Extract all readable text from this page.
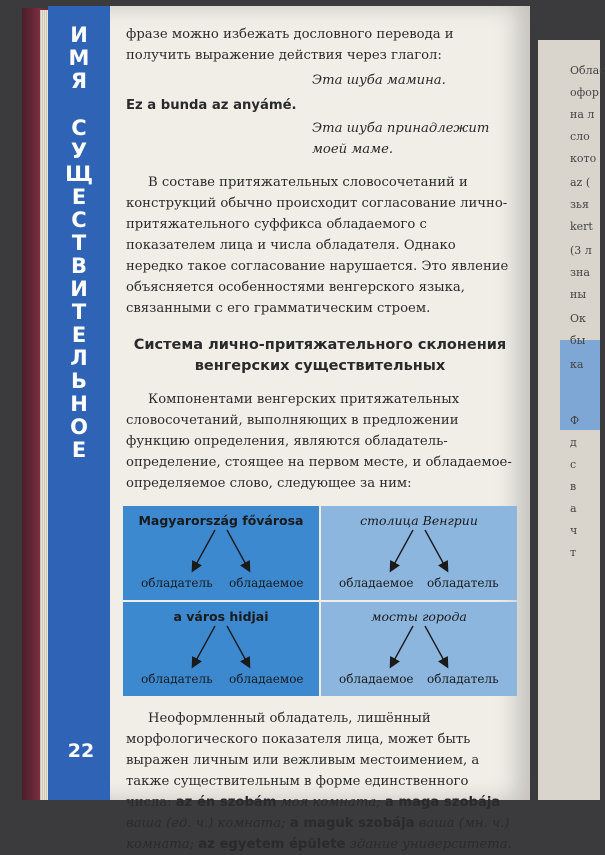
И
М
Я
С
У
Щ
Е
С
Т
В
И
Т
Е
Л
Ь
Н
О
Е
22

фразе можно избежать дословного перевода и получить выражение действия через глагол:

Эта шуба мамина.
Ez a bunda az anyámé.
Эта шуба принадлежит
моей маме.

В составе притяжательных словосочетаний и конструкций обычно происходит согласование лично-притяжательного суффикса обладаемого с показателем лица и числа обладателя. Однако нередко такое согласование нарушается. Это явление объясняется особенностями венгерского языка, связанными с его грамматическим строем.

Система лично-притяжательного склонения венгерских существительных

Компонентами венгерских притяжательных словосочетаний, выполняющих в предложении функцию определения, являются обладатель-определение, стоящее на первом месте, и обладаемое-определяемое слово, следующее за ним:

Magyarország fővárosa
обладатель обладаемое
столица Венгрии
обладаемое обладатель
a város hidjai
обладатель обладаемое
мосты города
обладаемое обладатель

Неоформленный обладатель, лишённый морфологического показателя лица, может быть выражен личным или вежливым местоимением, а также существительным в форме единственного числа: az én szobám моя комната; a maga szobája ваша (ед. ч.) комната; a maguk szobája ваша (мн. ч.) комната; az egyetem épülete здание университета.

Облас
офор
на л
сло
кото
az (
зья
kert
(3 л
зна
ны
Ок
бы
ка
Ф
д
с
в
а
ч
т
